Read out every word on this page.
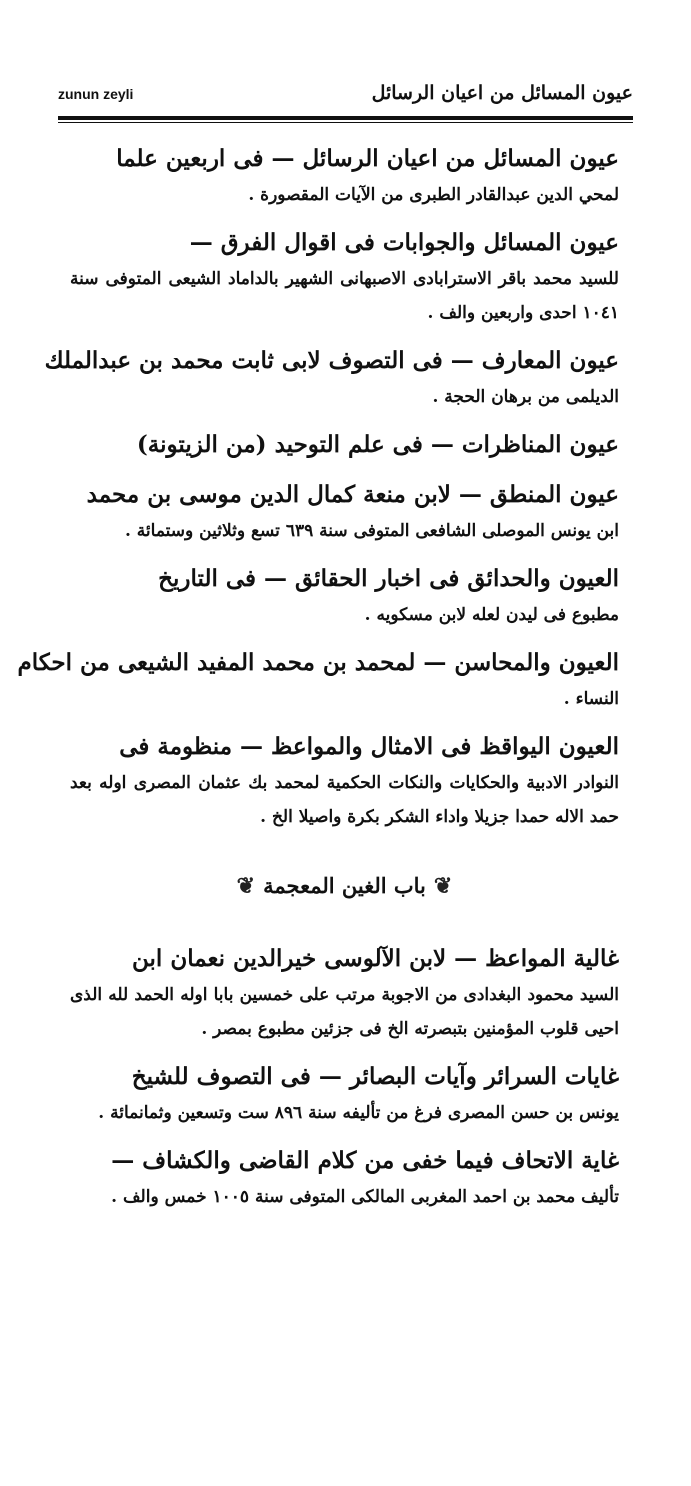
عيون المسائل من اعيان الرسائل
zunun zeyli
عيون المسائل من اعيان الرسائل — فى اربعين علما
لمحي الدين عبدالقادر الطبرى من الآيات المقصورة .
عيون المسائل والجوابات فى اقوال الفرق —
للسيد محمد باقر الاسترابادى الاصبهانى الشهير بالداماد الشيعى المتوفى سنة ١٠٤١ احدى واربعين والف .
عيون المعارف — فى التصوف لابى ثابت محمد بن عبدالملك
الديلمى من برهان الحجة .
عيون المناظرات — فى علم التوحيد (من الزيتونة)
عيون المنطق — لابن منعة كمال الدين موسى بن محمد
ابن يونس الموصلى الشافعى المتوفى سنة ٦٣٩ تسع وثلاثين وستمائة .
العيون والحدائق فى اخبار الحقائق — فى التاريخ
مطبوع فى ليدن لعله لابن مسكويه .
العيون والمحاسن — لمحمد بن محمد المفيد الشيعى من احكام
النساء .
العيون اليواقظ فى الامثال والمواعظ — منظومة فى
النوادر الادبية والحكايات والنكات الحكمية لمحمد بك عثمان المصرى اوله بعد حمد الاله حمدا جزيلا واداء الشكر بكرة واصيلا الخ .
❦باب الغين المعجمة❦
غالية المواعظ — لابن الآلوسى خيرالدين نعمان ابن
السيد محمود البغدادى من الاجوبة مرتب على خمسين بابا اوله الحمد لله الذى احيى قلوب المؤمنين بتبصرته الخ فى جزئين مطبوع بمصر .
غايات السرائر وآيات البصائر — فى التصوف للشيخ
يونس بن حسن المصرى فرغ من تأليفه سنة ٨٩٦ ست وتسعين وثمانمائة .
غاية الاتحاف فيما خفى من كلام القاضى والكشاف —
تأليف محمد بن احمد المغربى المالكى المتوفى سنة ١٠٠٥ خمس والف .
